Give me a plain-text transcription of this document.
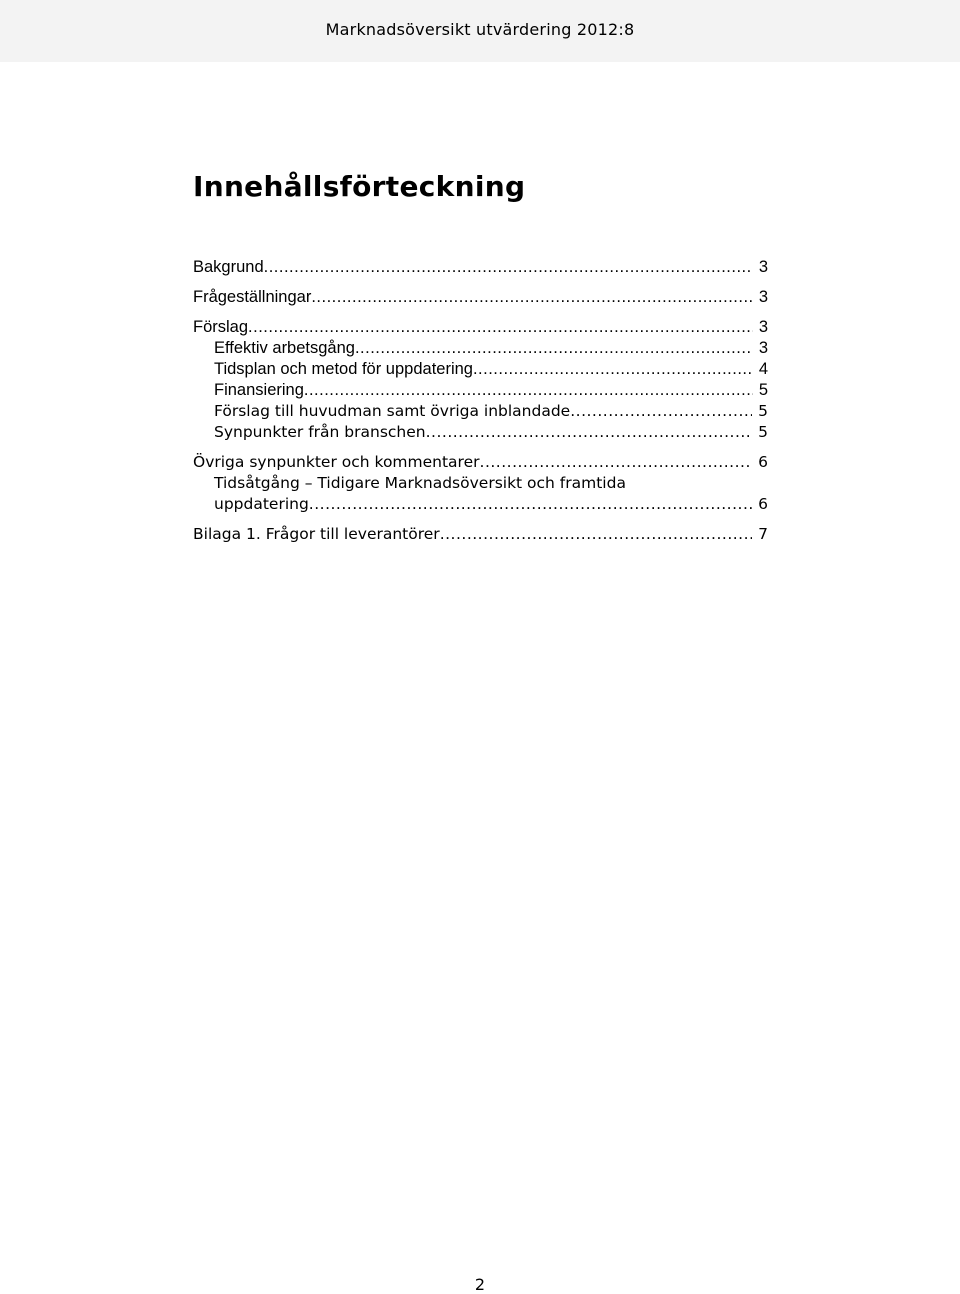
Marknadsöversikt utvärdering 2012:8
Innehållsförteckning
Bakgrund .....	3
Frågeställningar .....	3
Förslag .....	3
Effektiv arbetsgång .....	3
Tidsplan och metod för uppdatering .....	4
Finansiering .....	5
Förslag till huvudman samt övriga inblandade .....	5
Synpunkter från branschen .....	5
Övriga synpunkter och kommentarer .....	6
Tidsåtgång – Tidigare Marknadsöversikt och framtida
uppdatering .....	6
Bilaga 1. Frågor till leverantörer .....	7
2
